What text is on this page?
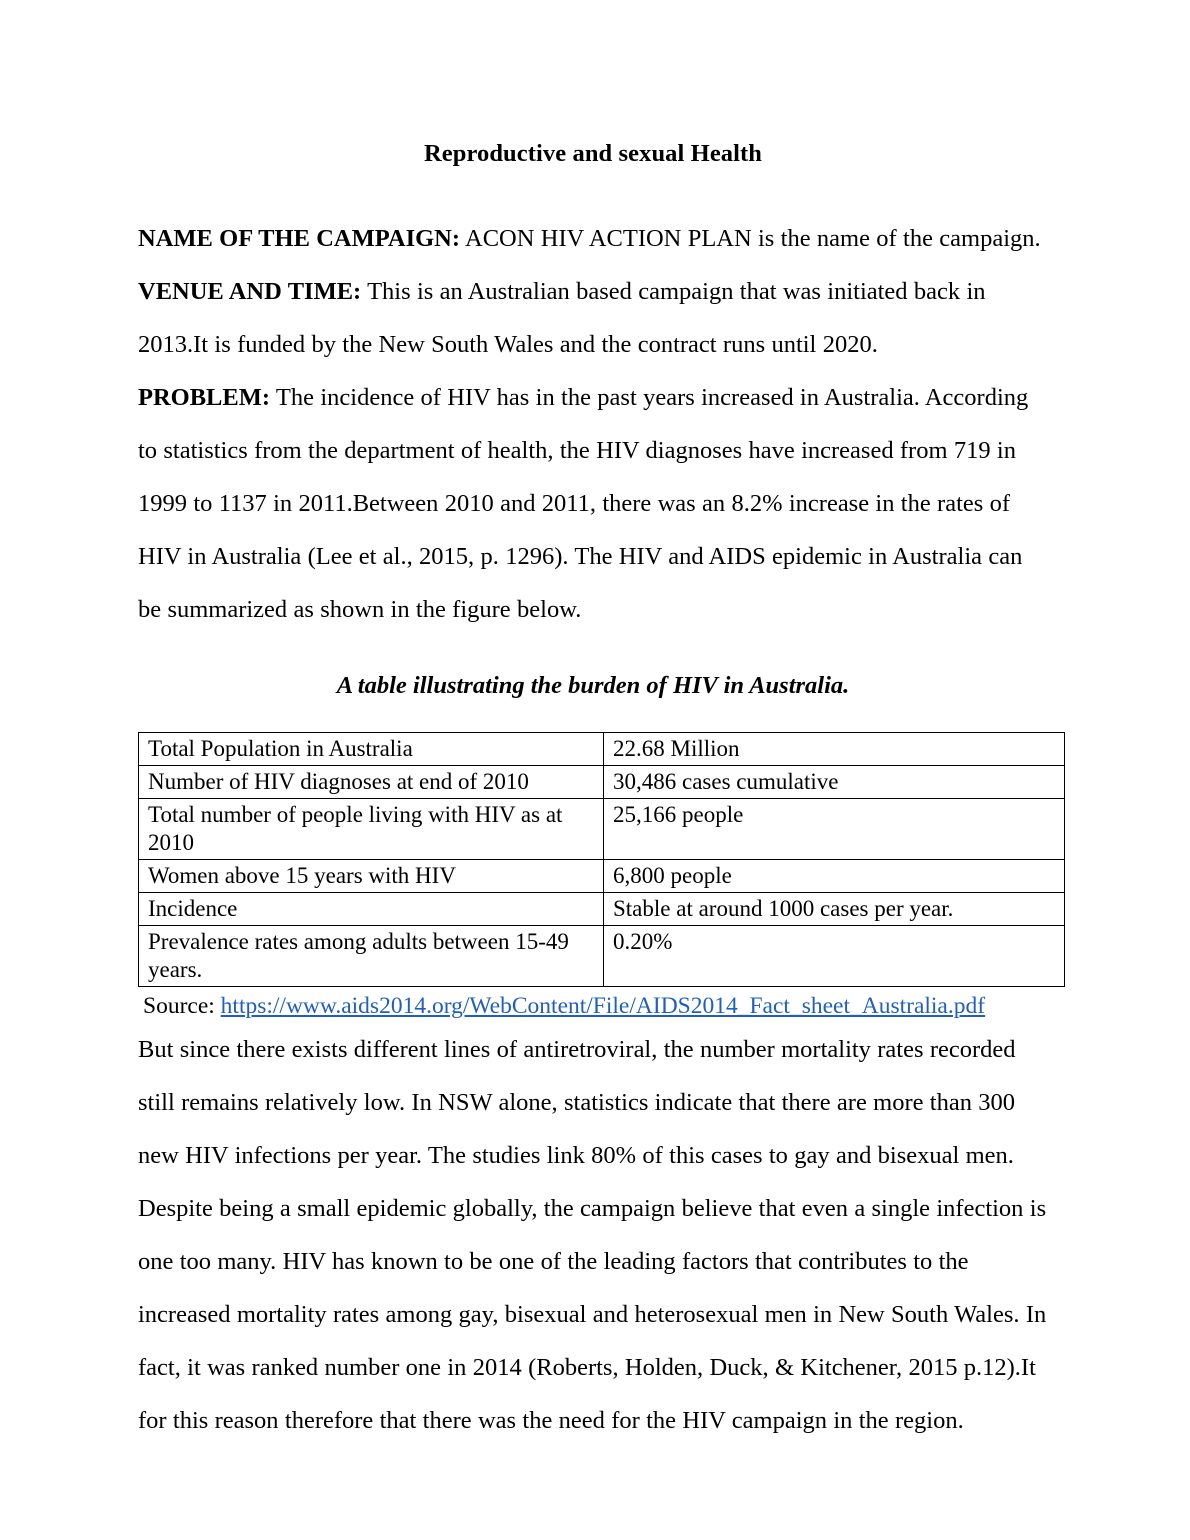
Reproductive and sexual Health

NAME OF THE CAMPAIGN: ACON HIV ACTION PLAN is the name of the campaign.

VENUE AND TIME: This is an Australian based campaign that was initiated back in 2013.It is funded by the New South Wales and the contract runs until 2020.

PROBLEM: The incidence of HIV has in the past years increased in Australia. According to statistics from the department of health, the HIV diagnoses have increased from 719 in 1999 to 1137 in 2011.Between 2010 and 2011, there was an 8.2% increase in the rates of HIV in Australia (Lee et al., 2015, p. 1296). The HIV and AIDS epidemic in Australia can be summarized as shown in the figure below.

A table illustrating the burden of HIV in Australia.

Total Population in Australia	22.68 Million
Number of HIV diagnoses at end of 2010	30,486 cases cumulative
Total number of people living with HIV as at 2010	25,166 people
Women above 15 years with HIV	6,800 people
Incidence	Stable at around 1000 cases per year.
Prevalence rates among adults between 15-49 years.	0.20%

Source: https://www.aids2014.org/WebContent/File/AIDS2014_Fact_sheet_Australia.pdf

But since there exists different lines of antiretroviral, the number mortality rates recorded still remains relatively low. In NSW alone, statistics indicate that there are more than 300 new HIV infections per year. The studies link 80% of this cases to gay and bisexual men. Despite being a small epidemic globally, the campaign believe that even a single infection is one too many. HIV has known to be one of the leading factors that contributes to the increased mortality rates among gay, bisexual and heterosexual men in New South Wales. In fact, it was ranked number one in 2014 (Roberts, Holden, Duck, & Kitchener, 2015 p.12).It for this reason therefore that there was the need for the HIV campaign in the region.
